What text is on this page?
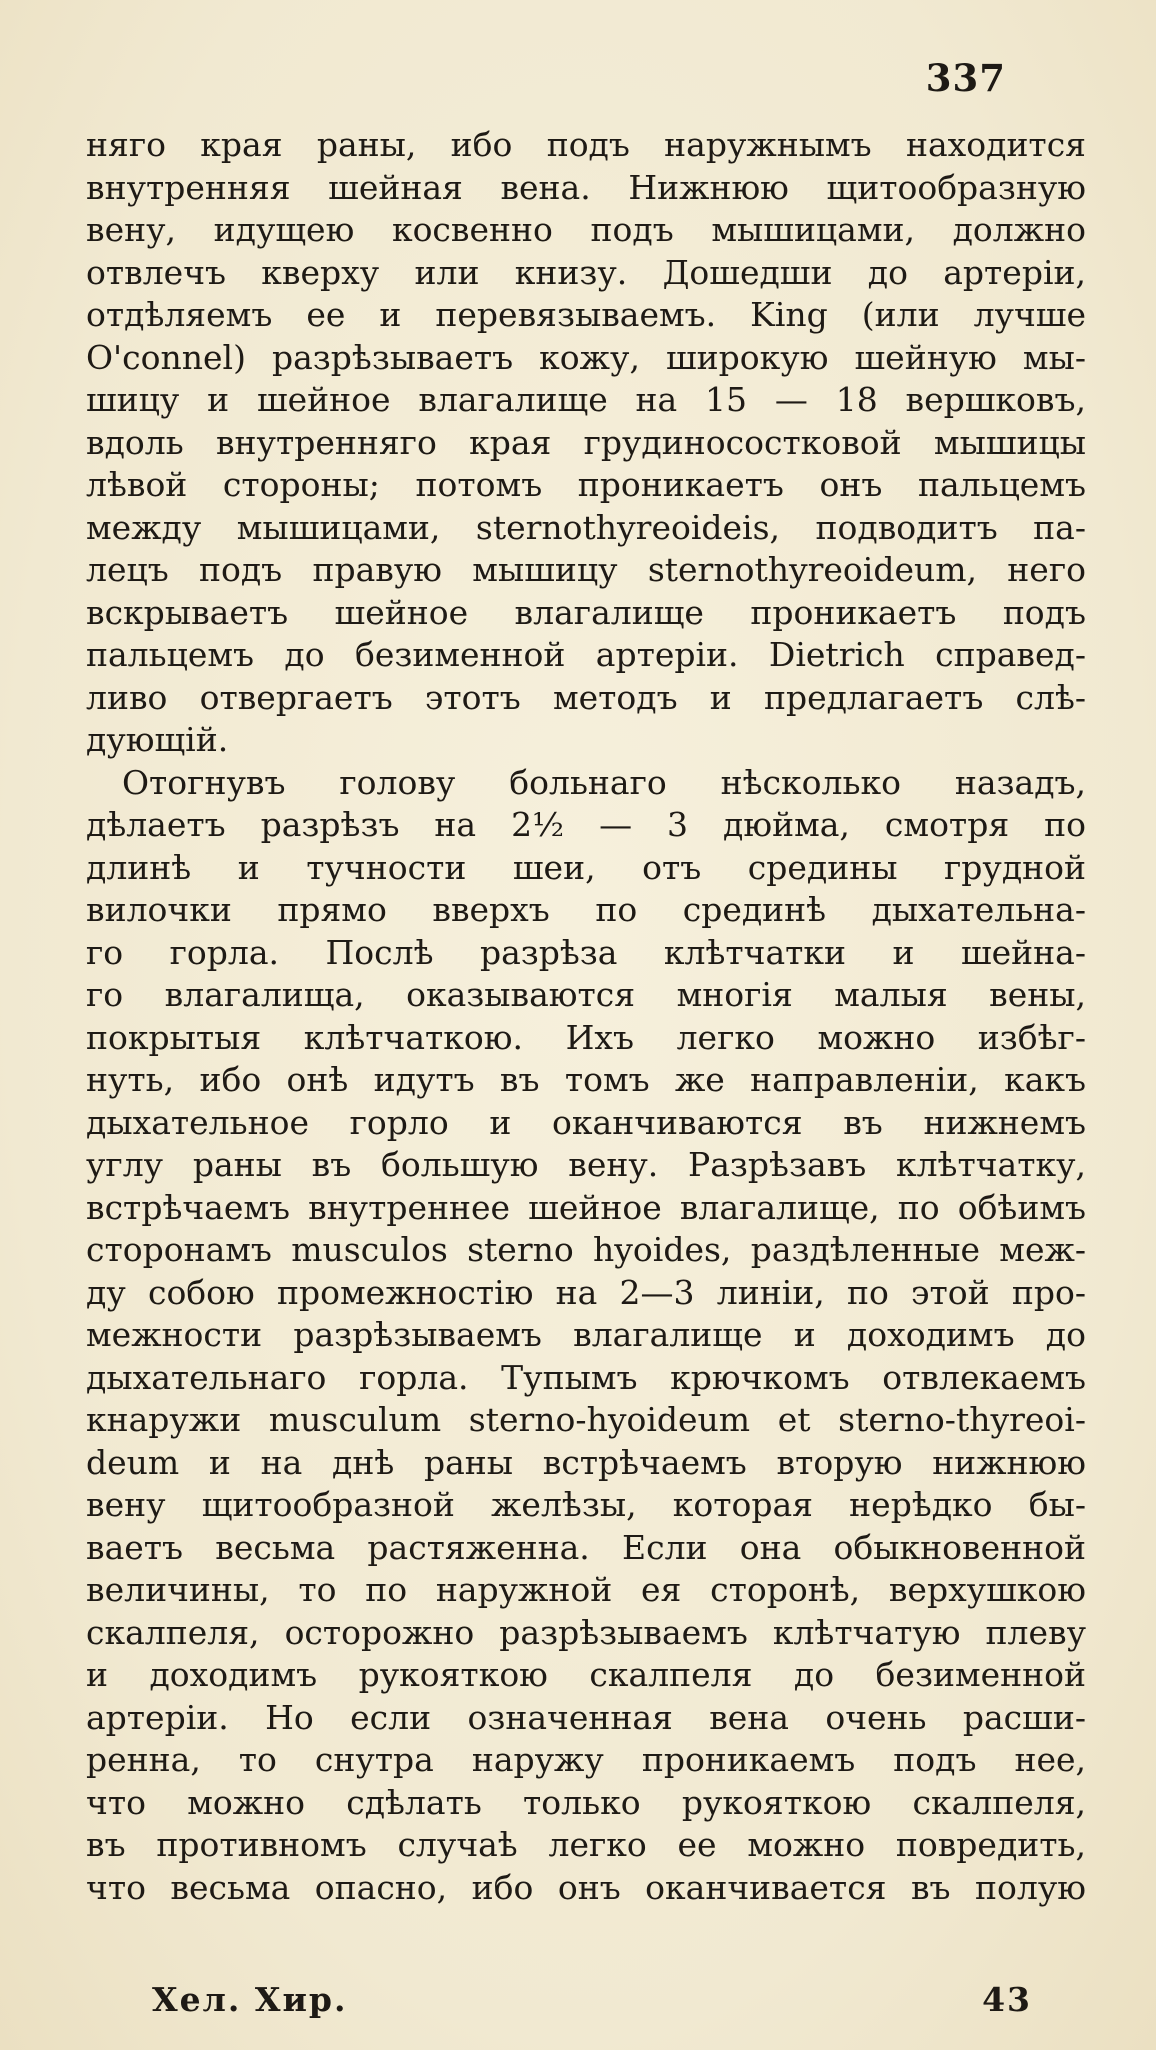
337
няго края раны, ибо подъ наружнымъ находится
внутренняя шейная вена. Нижнюю щитообразную
вену, идущею косвенно подъ мышицами, должно
отвлечъ кверху или книзу. Дошедши до артеріи,
отдѣляемъ ее и перевязываемъ. King (или лучше
O'connel) разрѣзываетъ кожу, широкую шейную мы-
шицу и шейное влагалище на 15 — 18 вершковъ,
вдоль внутренняго края грудиносостковой мышицы
лѣвой стороны; потомъ проникаетъ онъ пальцемъ
между мышицами, sternothyreoideis, подводитъ па-
лецъ подъ правую мышицу sternothyreoideum, него
вскрываетъ шейное влагалище проникаетъ подъ
пальцемъ до безименной артеріи. Dietrich справед-
ливо отвергаетъ этотъ методъ и предлагаетъ слѣ-
дующій.
Отогнувъ голову больнаго нѣсколько назадъ,
дѣлаетъ разрѣзъ на 2½ — 3 дюйма, смотря по
длинѣ и тучности шеи, отъ средины грудной
вилочки прямо вверхъ по срединѣ дыхательна-
го горла. Послѣ разрѣза клѣтчатки и шейна-
го влагалища, оказываются многія малыя вены,
покрытыя клѣтчаткою. Ихъ легко можно избѣг-
нуть, ибо онѣ идутъ въ томъ же направленіи, какъ
дыхательное горло и оканчиваются въ нижнемъ
углу раны въ большую вену. Разрѣзавъ клѣтчатку,
встрѣчаемъ внутреннее шейное влагалище, по обѣимъ
сторонамъ musculos sterno hyoides, раздѣленные меж-
ду собою промежностію на 2—3 линіи, по этой про-
межности разрѣзываемъ влагалище и доходимъ до
дыхательнаго горла. Тупымъ крючкомъ отвлекаемъ
кнаружи musculum sterno-hyoideum et sterno-thyreoi-
deum и на днѣ раны встрѣчаемъ вторую нижнюю
вену щитообразной желѣзы, которая нерѣдко бы-
ваетъ весьма растяженна. Если она обыкновенной
величины, то по наружной ея сторонѣ, верхушкою
скалпеля, осторожно разрѣзываемъ клѣтчатую плеву
и доходимъ рукояткою скалпеля до безименной
артеріи. Но если означенная вена очень расши-
ренна, то снутра наружу проникаемъ подъ нее,
что можно сдѣлать только рукояткою скалпеля,
въ противномъ случаѣ легко ее можно повредить,
что весьма опасно, ибо онъ оканчивается въ полую
Хел. Хир.	43
